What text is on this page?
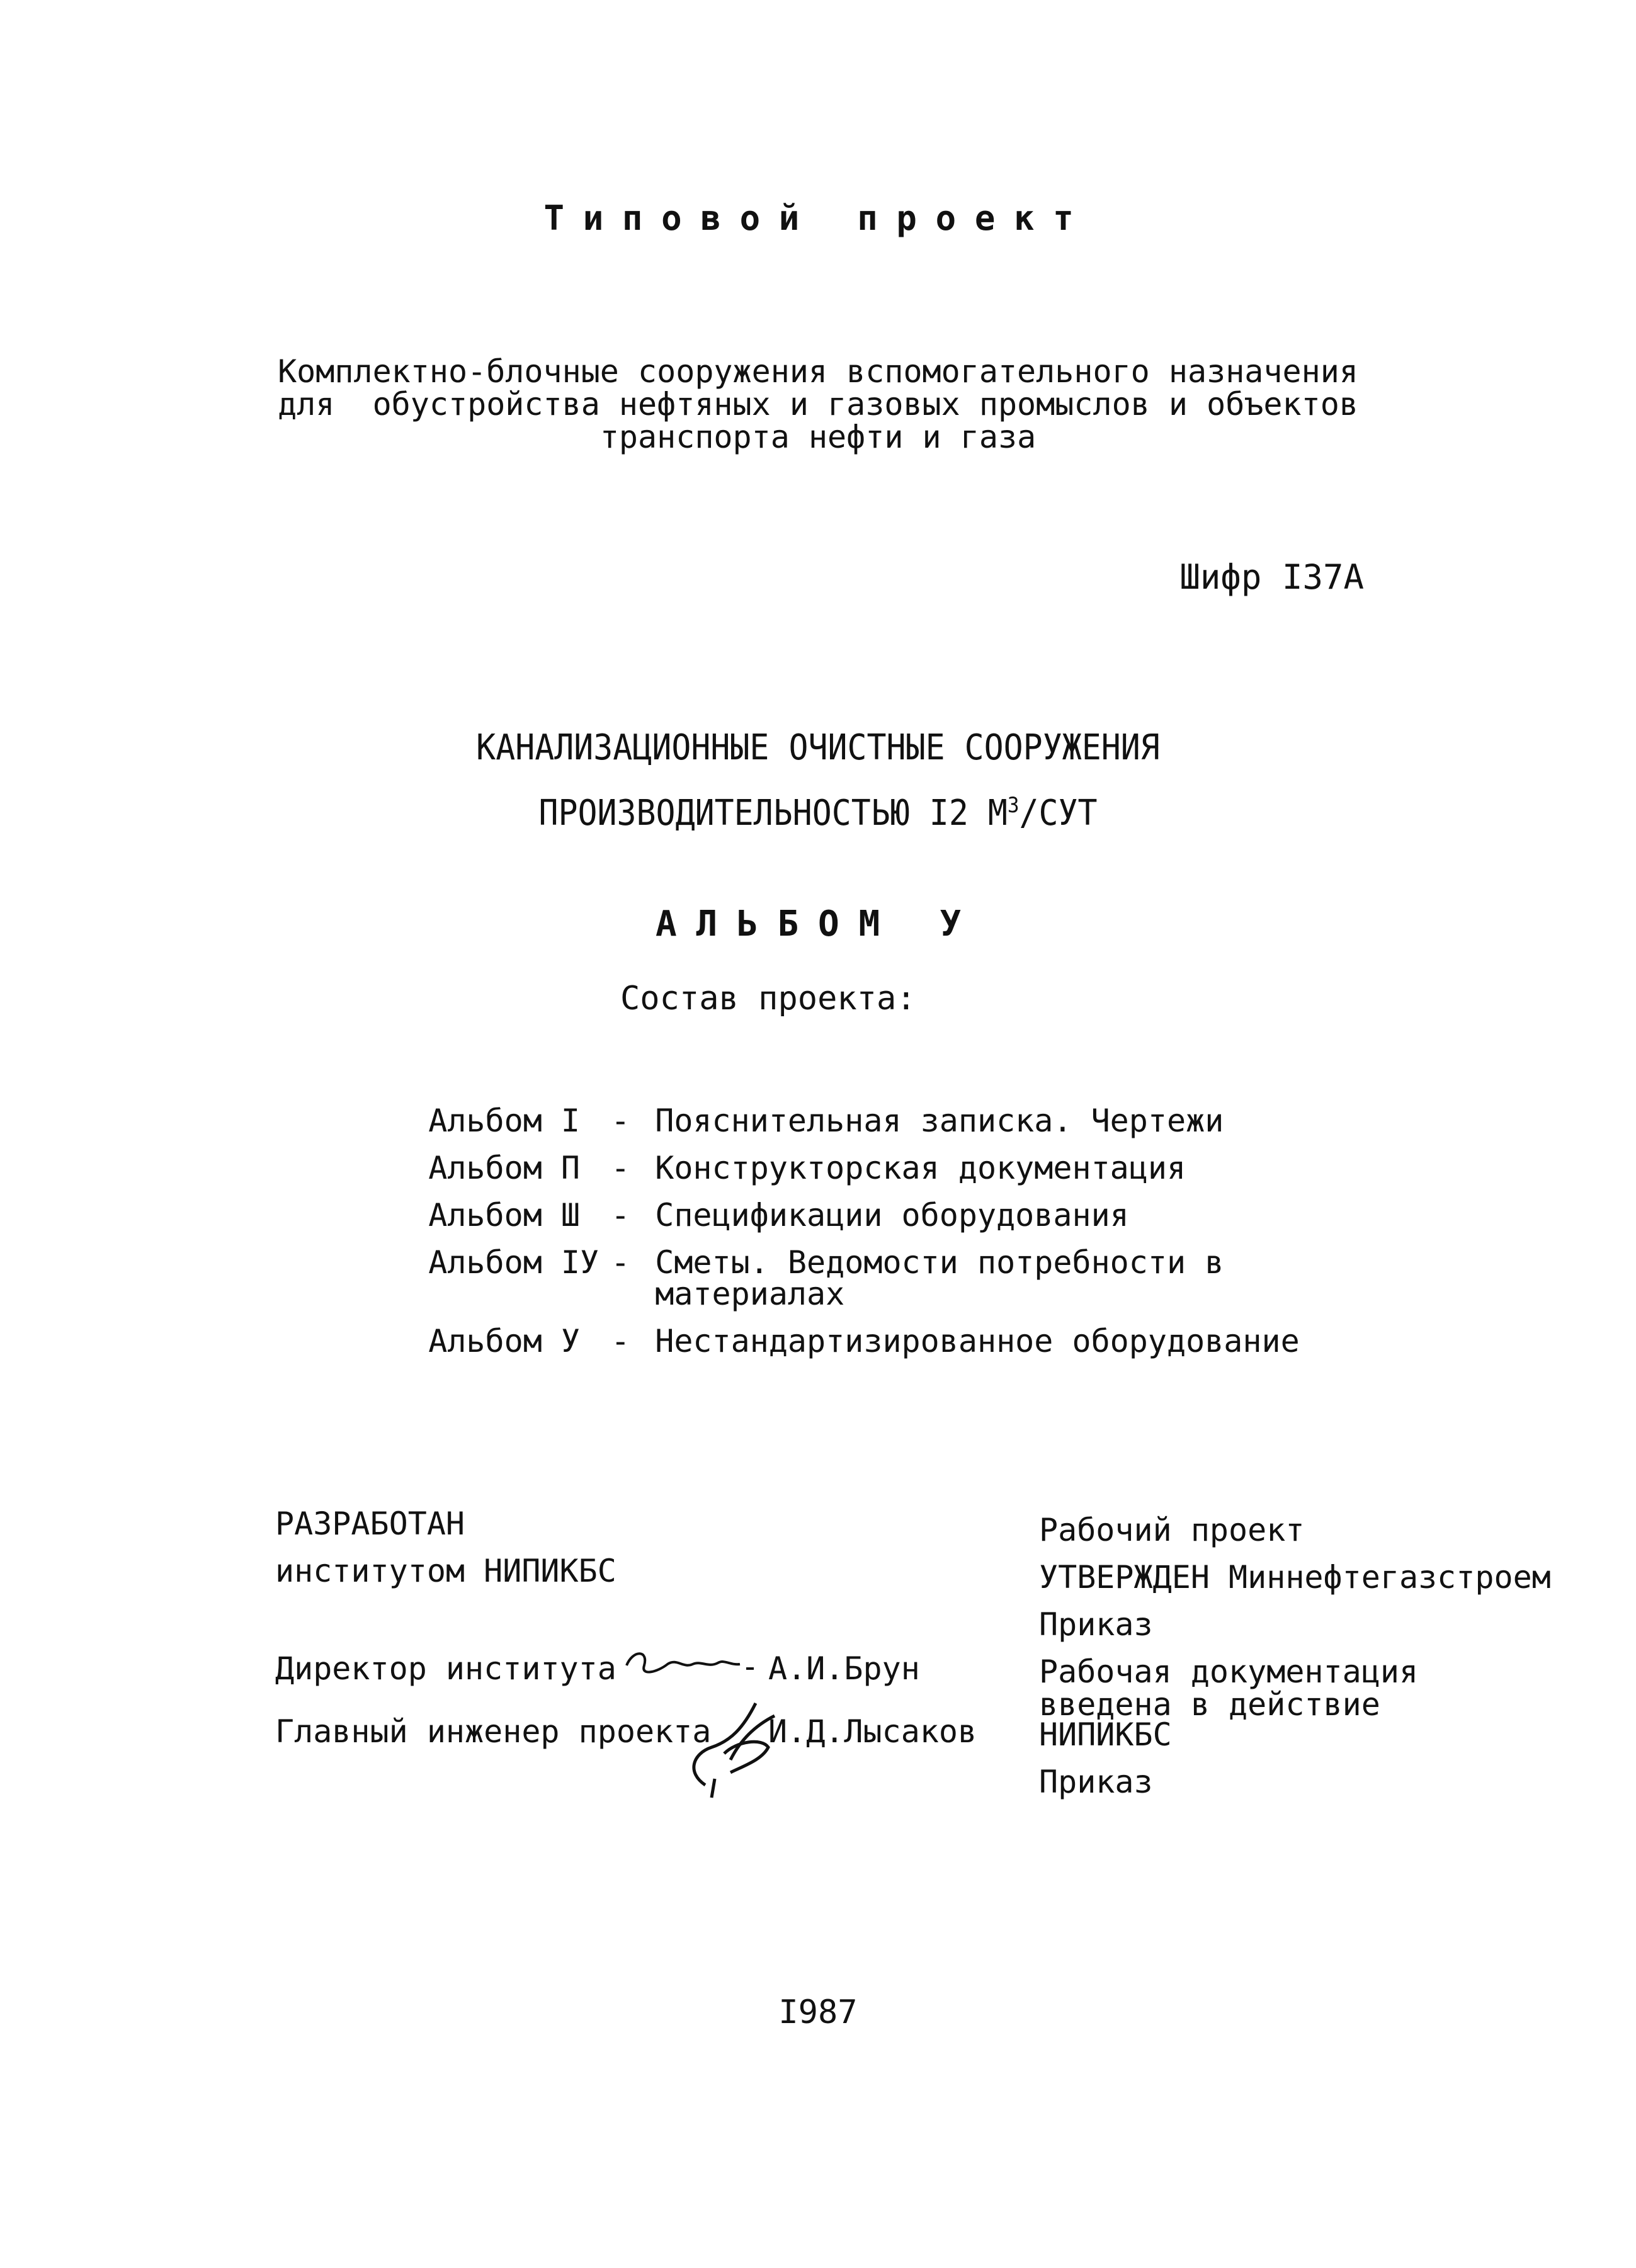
Типовой проект
Комплектно-блочные сооружения вспомогательного назначения
для  обустройства нефтяных и газовых промыслов и объектов
транспорта нефти и газа
Шифр I37А
КАНАЛИЗАЦИОННЫЕ ОЧИСТНЫЕ СООРУЖЕНИЯ
ПРОИЗВОДИТЕЛЬНОСТЬЮ I2 $М^3$/СУТ
АЛЬБОМ У
Состав проекта:

Альбом I - Пояснительная записка. Чертежи

Альбом П - Конструкторская документация

Альбом Ш - Спецификации оборудования

Альбом IУ - Сметы. Ведомости потребности в
материалах

Альбом У - Нестандартизированное оборудование

РАЗРАБОТАН
институтом НИПИКБС
Директор института	А.И.Брун
Главный инженер проекта И.Д.Лысаков
Рабочий проект
УТВЕРЖДЕН Миннефтегазстроем
Приказ
Рабочая документация
введена в действие
НИПИКБС
Приказ
I987
